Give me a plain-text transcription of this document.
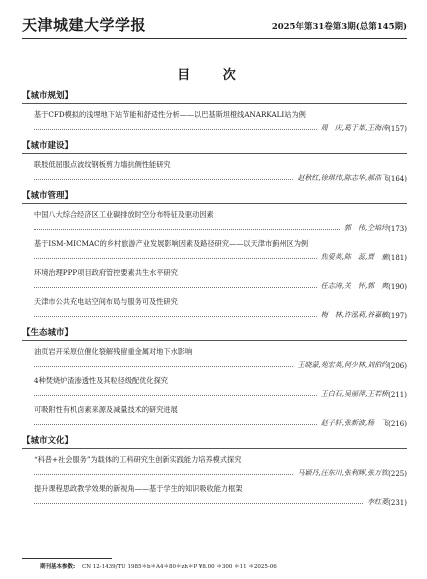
天津城建大学学报	2025年第31卷第3期(总第145期)
目 次
【城市规划】
基于CFD模拟的浅埋地下站节能和舒适性分析——以巴基斯坦橙线ANARKALI站为例
周　庆,葛于革,王海涛 (157)
【城市建设】
联肢低屈服点波纹钢板剪力墙抗侧性能研究
赵秋红,徐琪玮,陈志华,郝浩飞 (164)
【城市管理】
中国八大综合经济区工业碳排放时空分布特征及驱动因素
郭　伟,仝培玲 (173)
基于ISM-MICMAC的乡村旅游产业发展影响因素及路径研究——以天津市蓟州区为例
焦爱英,陈　蕊,贾　童 (181)
环境治理PPP项目政府管控要素共生水平研究
任志涛,关　怀,郭　爽 (190)
天津市公共充电站空间布局与服务可及性研究
梅　林,许泓莉,谷嘉敏 (197)
【生态城市】
油页岩开采原位催化裂解残留重金属对地下水影响
王晓蒙,苑宏英,何少林,刘伯约 (206)
4种焚烧炉渣渗透性及其粒径级配优化探究
王白石,吴丽萍,王若桥 (211)
可吸附性有机卤素来源及减量技术的研究进展
赵子轩,张新波,杨　飞 (216)
【城市文化】
“科普+社会服务”为载体的工科研究生创新实践能力培养模式探究
马颖丹,汪东川,张利辉,张万钦 (225)
提升课程思政教学效果的新视角——基于学生的知识吸收能力框架
李红菱 (231)
期刊基本参数: CN 12-1439/TU 1985＊b＊A4＊80＊zh＊P ¥8.00 ＊300 ＊11 ＊2025-06
